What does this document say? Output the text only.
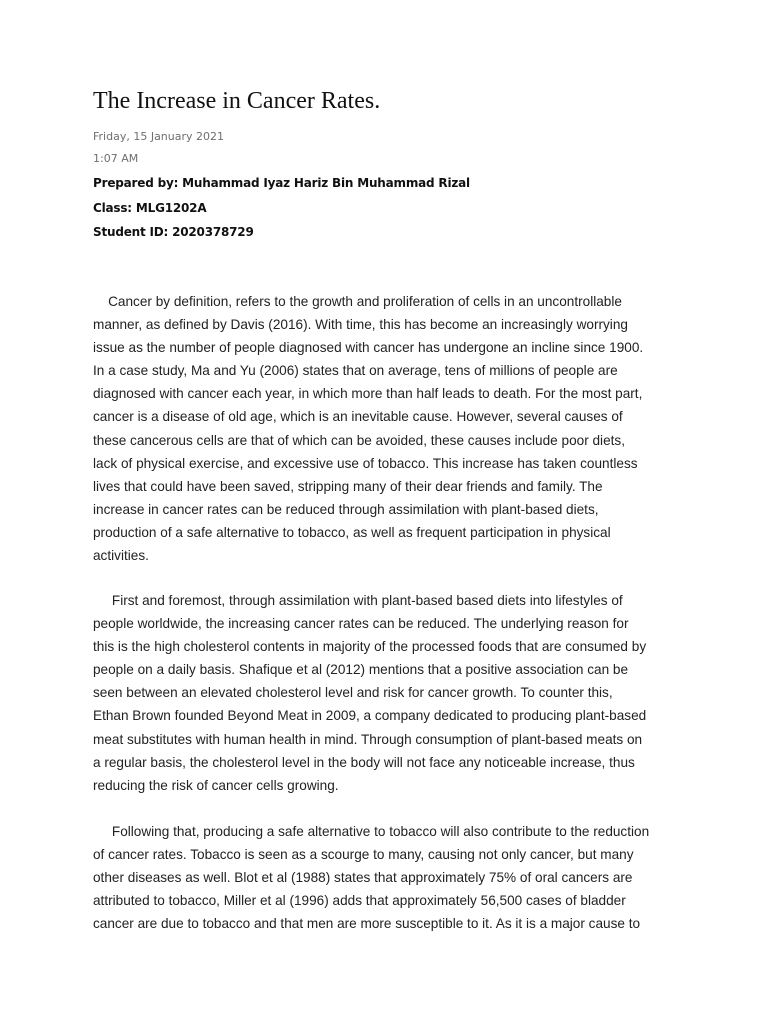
The Increase in Cancer Rates.
Friday, 15 January 2021
1:07 AM
Prepared by: Muhammad Iyaz Hariz Bin Muhammad Rizal
Class: MLG1202A
Student ID: 2020378729

Cancer by definition, refers to the growth and proliferation of cells in an uncontrollable
manner, as defined by Davis (2016). With time, this has become an increasingly worrying
issue as the number of people diagnosed with cancer has undergone an incline since 1900.
In a case study, Ma and Yu (2006) states that on average, tens of millions of people are
diagnosed with cancer each year, in which more than half leads to death. For the most part,
cancer is a disease of old age, which is an inevitable cause. However, several causes of
these cancerous cells are that of which can be avoided, these causes include poor diets,
lack of physical exercise, and excessive use of tobacco. This increase has taken countless
lives that could have been saved, stripping many of their dear friends and family. The
increase in cancer rates can be reduced through assimilation with plant-based diets,
production of a safe alternative to tobacco, as well as frequent participation in physical
activities.

First and foremost, through assimilation with plant-based based diets into lifestyles of
people worldwide, the increasing cancer rates can be reduced. The underlying reason for
this is the high cholesterol contents in majority of the processed foods that are consumed by
people on a daily basis. Shafique et al (2012) mentions that a positive association can be
seen between an elevated cholesterol level and risk for cancer growth. To counter this,
Ethan Brown founded Beyond Meat in 2009, a company dedicated to producing plant-based
meat substitutes with human health in mind. Through consumption of plant-based meats on
a regular basis, the cholesterol level in the body will not face any noticeable increase, thus
reducing the risk of cancer cells growing.

Following that, producing a safe alternative to tobacco will also contribute to the reduction
of cancer rates. Tobacco is seen as a scourge to many, causing not only cancer, but many
other diseases as well. Blot et al (1988) states that approximately 75% of oral cancers are
attributed to tobacco, Miller et al (1996) adds that approximately 56,500 cases of bladder
cancer are due to tobacco and that men are more susceptible to it. As it is a major cause to
